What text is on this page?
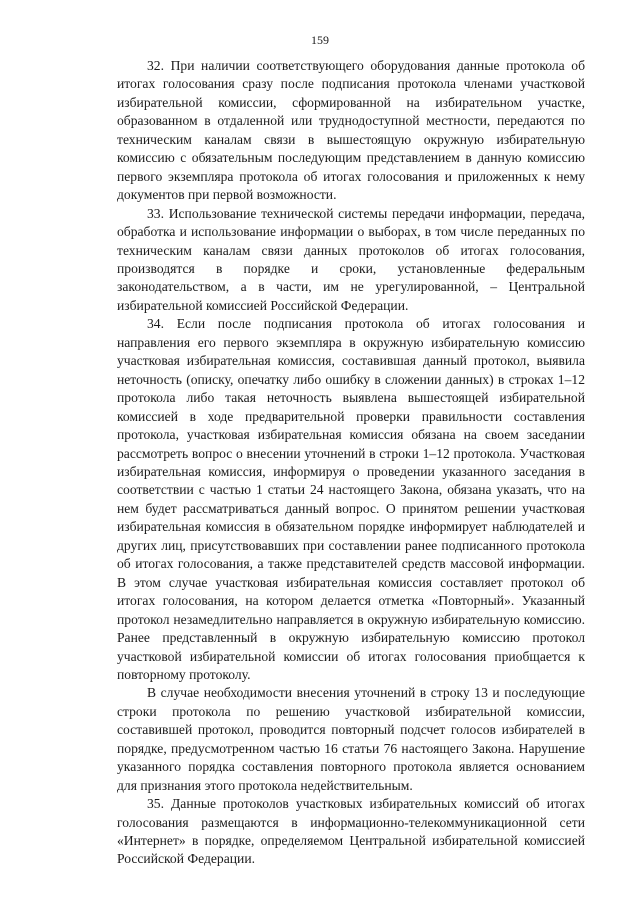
159

32. При наличии соответствующего оборудования данные протокола об итогах голосования сразу после подписания протокола членами участковой избирательной комиссии, сформированной на избирательном участке, образованном в отдаленной или труднодоступной местности, передаются по техническим каналам связи в вышестоящую окружную избирательную комиссию с обязательным последующим представлением в данную комиссию первого экземпляра протокола об итогах голосования и приложенных к нему документов при первой возможности.

33. Использование технической системы передачи информации, передача, обработка и использование информации о выборах, в том числе переданных по техническим каналам связи данных протоколов об итогах голосования, производятся в порядке и сроки, установленные федеральным законодательством, а в части, им не урегулированной, – Центральной избирательной комиссией Российской Федерации.

34. Если после подписания протокола об итогах голосования и направления его первого экземпляра в окружную избирательную комиссию участковая избирательная комиссия, составившая данный протокол, выявила неточность (описку, опечатку либо ошибку в сложении данных) в строках 1–12 протокола либо такая неточность выявлена вышестоящей избирательной комиссией в ходе предварительной проверки правильности составления протокола, участковая избирательная комиссия обязана на своем заседании рассмотреть вопрос о внесении уточнений в строки 1–12 протокола. Участковая избирательная комиссия, информируя о проведении указанного заседания в соответствии с частью 1 статьи 24 настоящего Закона, обязана указать, что на нем будет рассматриваться данный вопрос. О принятом решении участковая избирательная комиссия в обязательном порядке информирует наблюдателей и других лиц, присутствовавших при составлении ранее подписанного протокола об итогах голосования, а также представителей средств массовой информации. В этом случае участковая избирательная комиссия составляет протокол об итогах голосования, на котором делается отметка «Повторный». Указанный протокол незамедлительно направляется в окружную избирательную комиссию. Ранее представленный в окружную избирательную комиссию протокол участковой избирательной комиссии об итогах голосования приобщается к повторному протоколу.

В случае необходимости внесения уточнений в строку 13 и последующие строки протокола по решению участковой избирательной комиссии, составившей протокол, проводится повторный подсчет голосов избирателей в порядке, предусмотренном частью 16 статьи 76 настоящего Закона. Нарушение указанного порядка составления повторного протокола является основанием для признания этого протокола недействительным.

35. Данные протоколов участковых избирательных комиссий об итогах голосования размещаются в информационно-телекоммуникационной сети «Интернет» в порядке, определяемом Центральной избирательной комиссией Российской Федерации.
